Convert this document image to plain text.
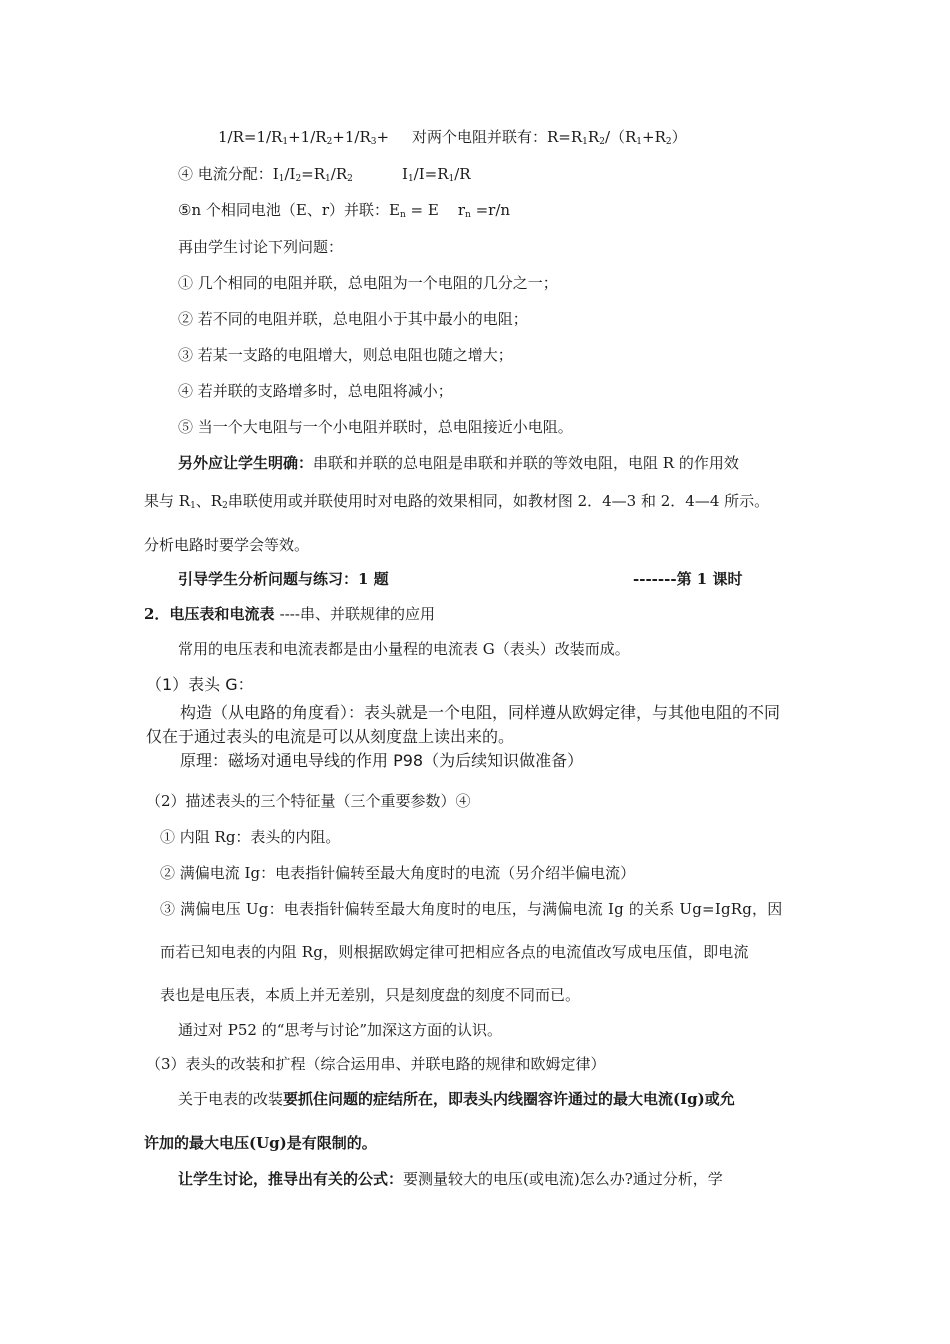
$1/R=1/R_1+1/R_2+1/R_3+$ 对两个电阻并联有：$R=R_1R_2/(R_1+R_2)$
④ 电流分配：$I_1/I_2=R_1/R_2$	$I_1/I=R_1/R$
⑤n 个相同电池（E、r）并联：$E_n = E$    $r_n =r/n$
再由学生讨论下列问题：
① 几个相同的电阻并联，总电阻为一个电阻的几分之一；
② 若不同的电阻并联，总电阻小于其中最小的电阻；
③ 若某一支路的电阻增大，则总电阻也随之增大；
④ 若并联的支路增多时，总电阻将减小；
⑤ 当一个大电阻与一个小电阻并联时，总电阻接近小电阻。
另外应让学生明确：串联和并联的总电阻是串联和并联的等效电阻，电阻 R 的作用效
果与 $R_1$、$R_2$串联使用或并联使用时对电路的效果相同，如教材图 2．4—3 和 2．4—4 所示。
分析电路时要学会等效。
引导学生分析问题与练习：1 题	-------第 1 课时
2．电压表和电流表 ----串、并联规律的应用
常用的电压表和电流表都是由小量程的电流表 G（表头）改装而成。
（1）表头 G：
构造（从电路的角度看）：表头就是一个电阻，同样遵从欧姆定律，与其他电阻的不同
仅在于通过表头的电流是可以从刻度盘上读出来的。
原理：磁场对通电导线的作用 P98（为后续知识做准备）
（2）描述表头的三个特征量（三个重要参数）④
① 内阻 Rg：表头的内阻。
② 满偏电流 Ig：电表指针偏转至最大角度时的电流（另介绍半偏电流）
③ 满偏电压 Ug：电表指针偏转至最大角度时的电压，与满偏电流 Ig 的关系 Ug=IgRg，因
而若已知电表的内阻 Rg，则根据欧姆定律可把相应各点的电流值改写成电压值，即电流
表也是电压表，本质上并无差别，只是刻度盘的刻度不同而已。
通过对 P52 的“思考与讨论”加深这方面的认识。
（3）表头的改装和扩程（综合运用串、并联电路的规律和欧姆定律）
关于电表的改装要抓住问题的症结所在，即表头内线圈容许通过的最大电流(Ig)或允
许加的最大电压(Ug)是有限制的。
让学生讨论，推导出有关的公式：要测量较大的电压(或电流)怎么办?通过分析，学
